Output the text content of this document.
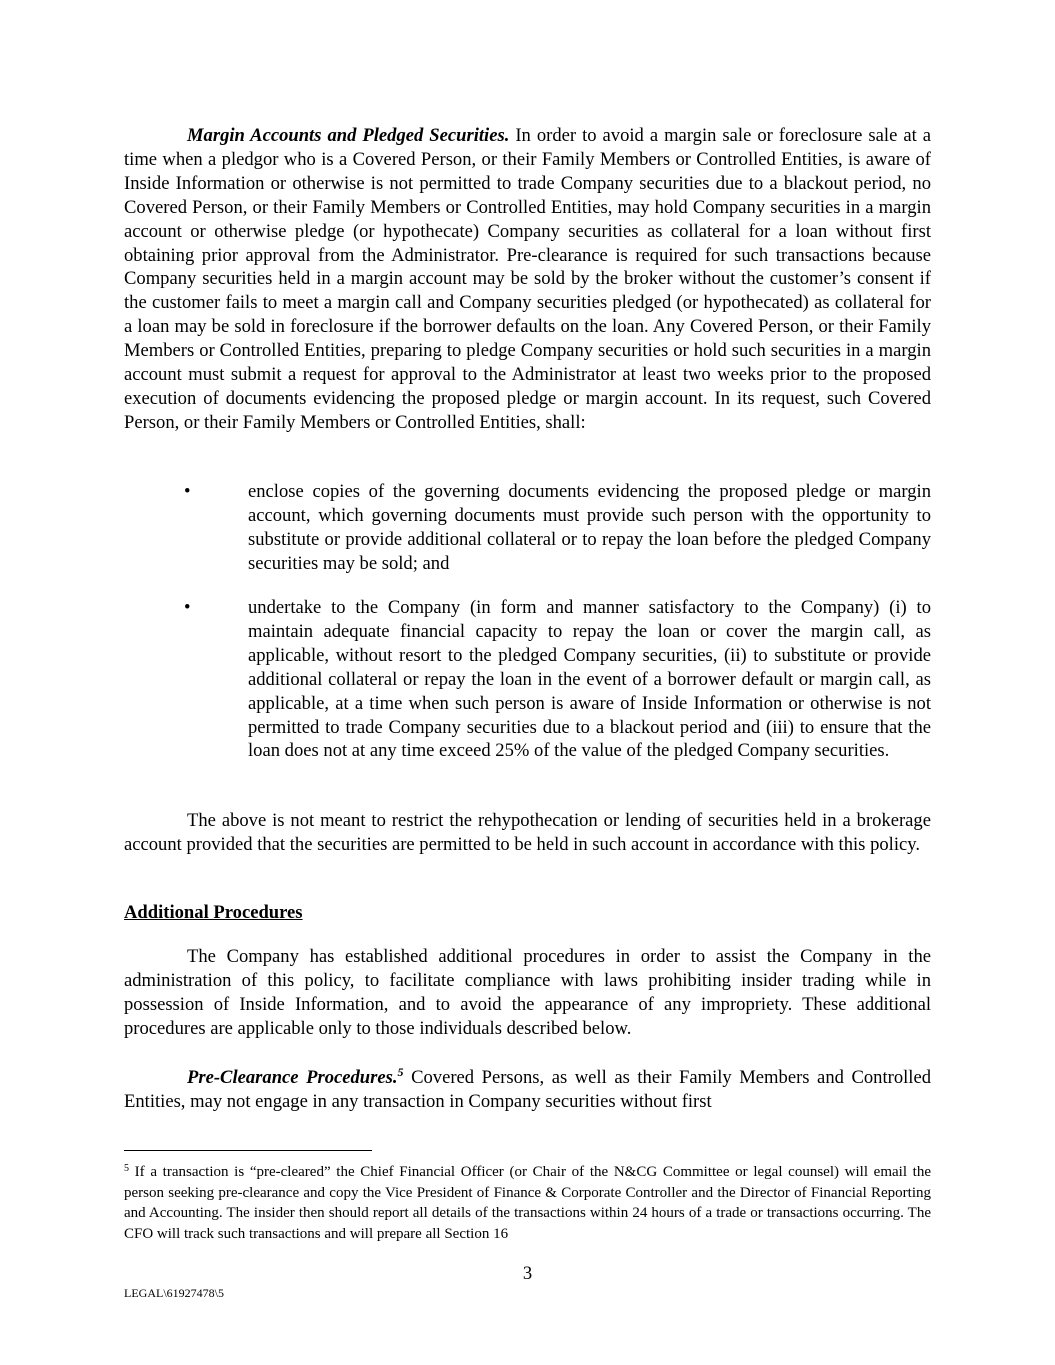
Margin Accounts and Pledged Securities. In order to avoid a margin sale or foreclosure sale at a time when a pledgor who is a Covered Person, or their Family Members or Controlled Entities, is aware of Inside Information or otherwise is not permitted to trade Company securities due to a blackout period, no Covered Person, or their Family Members or Controlled Entities, may hold Company securities in a margin account or otherwise pledge (or hypothecate) Company securities as collateral for a loan without first obtaining prior approval from the Administrator. Pre-clearance is required for such transactions because Company securities held in a margin account may be sold by the broker without the customer’s consent if the customer fails to meet a margin call and Company securities pledged (or hypothecated) as collateral for a loan may be sold in foreclosure if the borrower defaults on the loan. Any Covered Person, or their Family Members or Controlled Entities, preparing to pledge Company securities or hold such securities in a margin account must submit a request for approval to the Administrator at least two weeks prior to the proposed execution of documents evidencing the proposed pledge or margin account. In its request, such Covered Person, or their Family Members or Controlled Entities, shall:
•	enclose copies of the governing documents evidencing the proposed pledge or margin account, which governing documents must provide such person with the opportunity to substitute or provide additional collateral or to repay the loan before the pledged Company securities may be sold; and
•	undertake to the Company (in form and manner satisfactory to the Company) (i) to maintain adequate financial capacity to repay the loan or cover the margin call, as applicable, without resort to the pledged Company securities, (ii) to substitute or provide additional collateral or repay the loan in the event of a borrower default or margin call, as applicable, at a time when such person is aware of Inside Information or otherwise is not permitted to trade Company securities due to a blackout period and (iii) to ensure that the loan does not at any time exceed 25% of the value of the pledged Company securities.
The above is not meant to restrict the rehypothecation or lending of securities held in a brokerage account provided that the securities are permitted to be held in such account in accordance with this policy.
Additional Procedures
The Company has established additional procedures in order to assist the Company in the administration of this policy, to facilitate compliance with laws prohibiting insider trading while in possession of Inside Information, and to avoid the appearance of any impropriety. These additional procedures are applicable only to those individuals described below.
Pre-Clearance Procedures.$^5$ Covered Persons, as well as their Family Members and Controlled Entities, may not engage in any transaction in Company securities without first
$^5$ If a transaction is “pre-cleared” the Chief Financial Officer (or Chair of the N&CG Committee or legal counsel) will email the person seeking pre-clearance and copy the Vice President of Finance & Corporate Controller and the Director of Financial Reporting and Accounting. The insider then should report all details of the transactions within 24 hours of a trade or transactions occurring. The CFO will track such transactions and will prepare all Section 16
3
LEGAL\61927478\5
